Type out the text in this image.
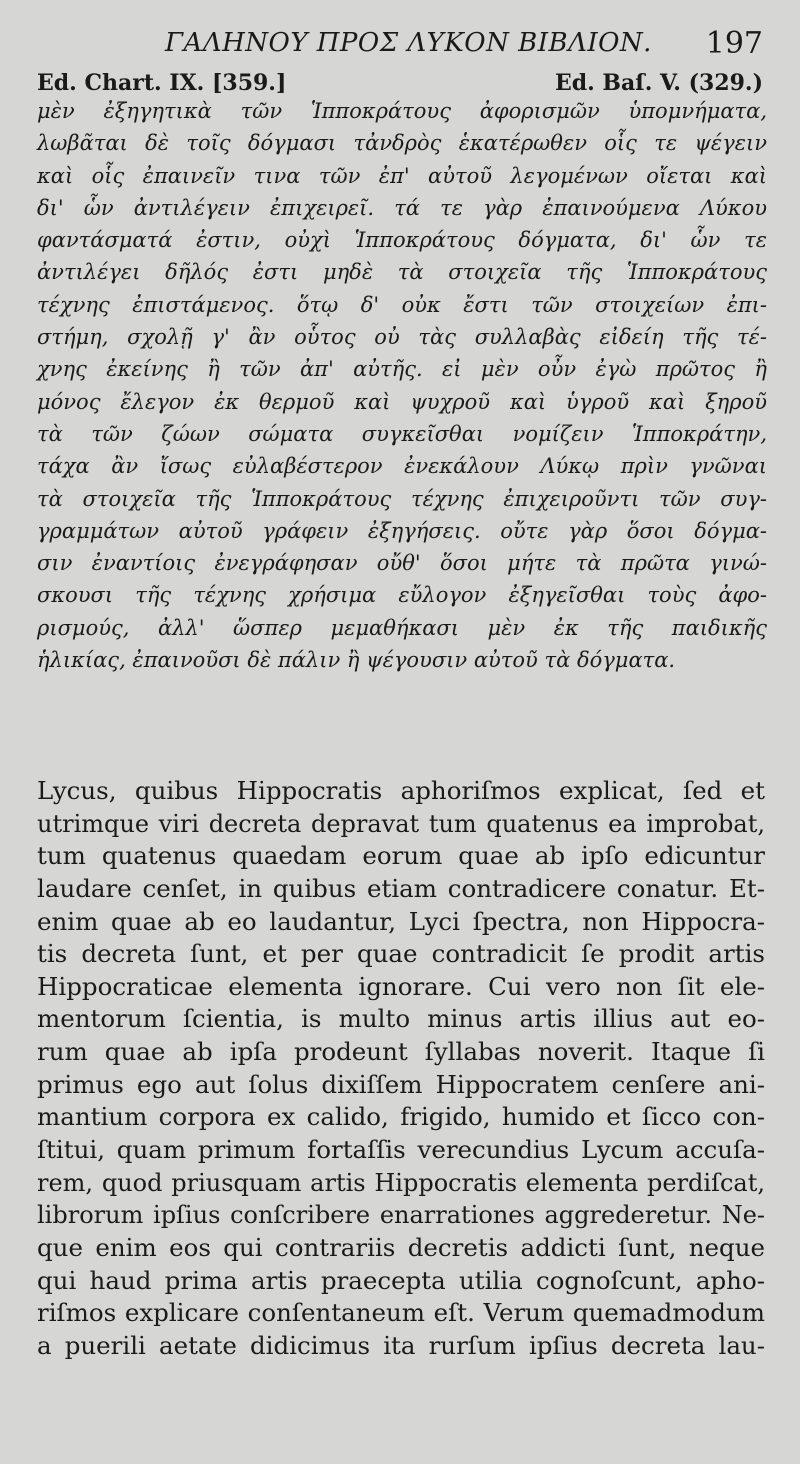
ΓΑΛΗΝΟΥ ΠΡΟΣ ΛΥΚΟΝ ΒΙΒΛΙΟΝ. 197
Ed. Chart. IX. [359.]	Ed. Baſ. V. (329.)
μὲν ἐξηγητικὰ τῶν Ἱπποκράτους ἀφορισμῶν ὑπομνήματα,
λωβᾶται δὲ τοῖς δόγμασι τἀνδρὸς ἑκατέρωθεν οἷς τε ψέγειν
καὶ οἷς ἐπαινεῖν τινα τῶν ἐπ' αὐτοῦ λεγομένων οἴεται καὶ
δι' ὧν ἀντιλέγειν ἐπιχειρεῖ. τά τε γὰρ ἐπαινούμενα Λύκου
φαντάσματά ἐστιν, οὐχὶ Ἱπποκράτους δόγματα, δι' ὧν τε
ἀντιλέγει δῆλός ἐστι μηδὲ τὰ στοιχεῖα τῆς Ἱπποκράτους
τέχνης ἐπιστάμενος. ὅτῳ δ' οὐκ ἔστι τῶν στοιχείων ἐπι-
στήμη, σχολῇ γ' ἂν οὗτος οὐ τὰς συλλαβὰς εἰδείη τῆς τέ-
χνης ἐκείνης ἢ τῶν ἀπ' αὐτῆς. εἰ μὲν οὖν ἐγὼ πρῶτος ἢ
μόνος ἔλεγον ἐκ θερμοῦ καὶ ψυχροῦ καὶ ὑγροῦ καὶ ξηροῦ
τὰ τῶν ζώων σώματα συγκεῖσθαι νομίζειν Ἱπποκράτην,
τάχα ἂν ἴσως εὐλαβέστερον ἐνεκάλουν Λύκῳ πρὶν γνῶναι
τὰ στοιχεῖα τῆς Ἱπποκράτους τέχνης ἐπιχειροῦντι τῶν συγ-
γραμμάτων αὐτοῦ γράφειν ἐξηγήσεις. οὔτε γὰρ ὅσοι δόγμα-
σιν ἐναντίοις ἐνεγράφησαν οὔθ' ὅσοι μήτε τὰ πρῶτα γινώ-
σκουσι τῆς τέχνης χρήσιμα εὔλογον ἐξηγεῖσθαι τοὺς ἀφο-
ρισμούς, ἀλλ' ὥσπερ μεμαθήκασι μὲν ἐκ τῆς παιδικῆς
ἡλικίας, ἐπαινοῦσι δὲ πάλιν ἢ ψέγουσιν αὐτοῦ τὰ δόγματα.
Lycus, quibus Hippocratis aphoriſmos explicat, ſed et
utrimque viri decreta depravat tum quatenus ea improbat,
tum quatenus quaedam eorum quae ab ipſo edicuntur
laudare cenſet, in quibus etiam contradicere conatur. Et-
enim quae ab eo laudantur, Lyci ſpectra, non Hippocra-
tis decreta ſunt, et per quae contradicit ſe prodit artis
Hippocraticae elementa ignorare. Cui vero non ſit ele-
mentorum ſcientia, is multo minus artis illius aut eo-
rum quae ab ipſa prodeunt ſyllabas noverit. Itaque ſi
primus ego aut ſolus dixiſſem Hippocratem cenſere ani-
mantium corpora ex calido, frigido, humido et ſicco con-
ſtitui, quam primum fortaſſis verecundius Lycum accuſa-
rem, quod priusquam artis Hippocratis elementa perdiſcat,
librorum ipſius conſcribere enarrationes aggrederetur. Ne-
que enim eos qui contrariis decretis addicti ſunt, neque
qui haud prima artis praecepta utilia cognoſcunt, apho-
riſmos explicare conſentaneum eſt. Verum quemadmodum
a puerili aetate didicimus ita rurſum ipſius decreta lau-
